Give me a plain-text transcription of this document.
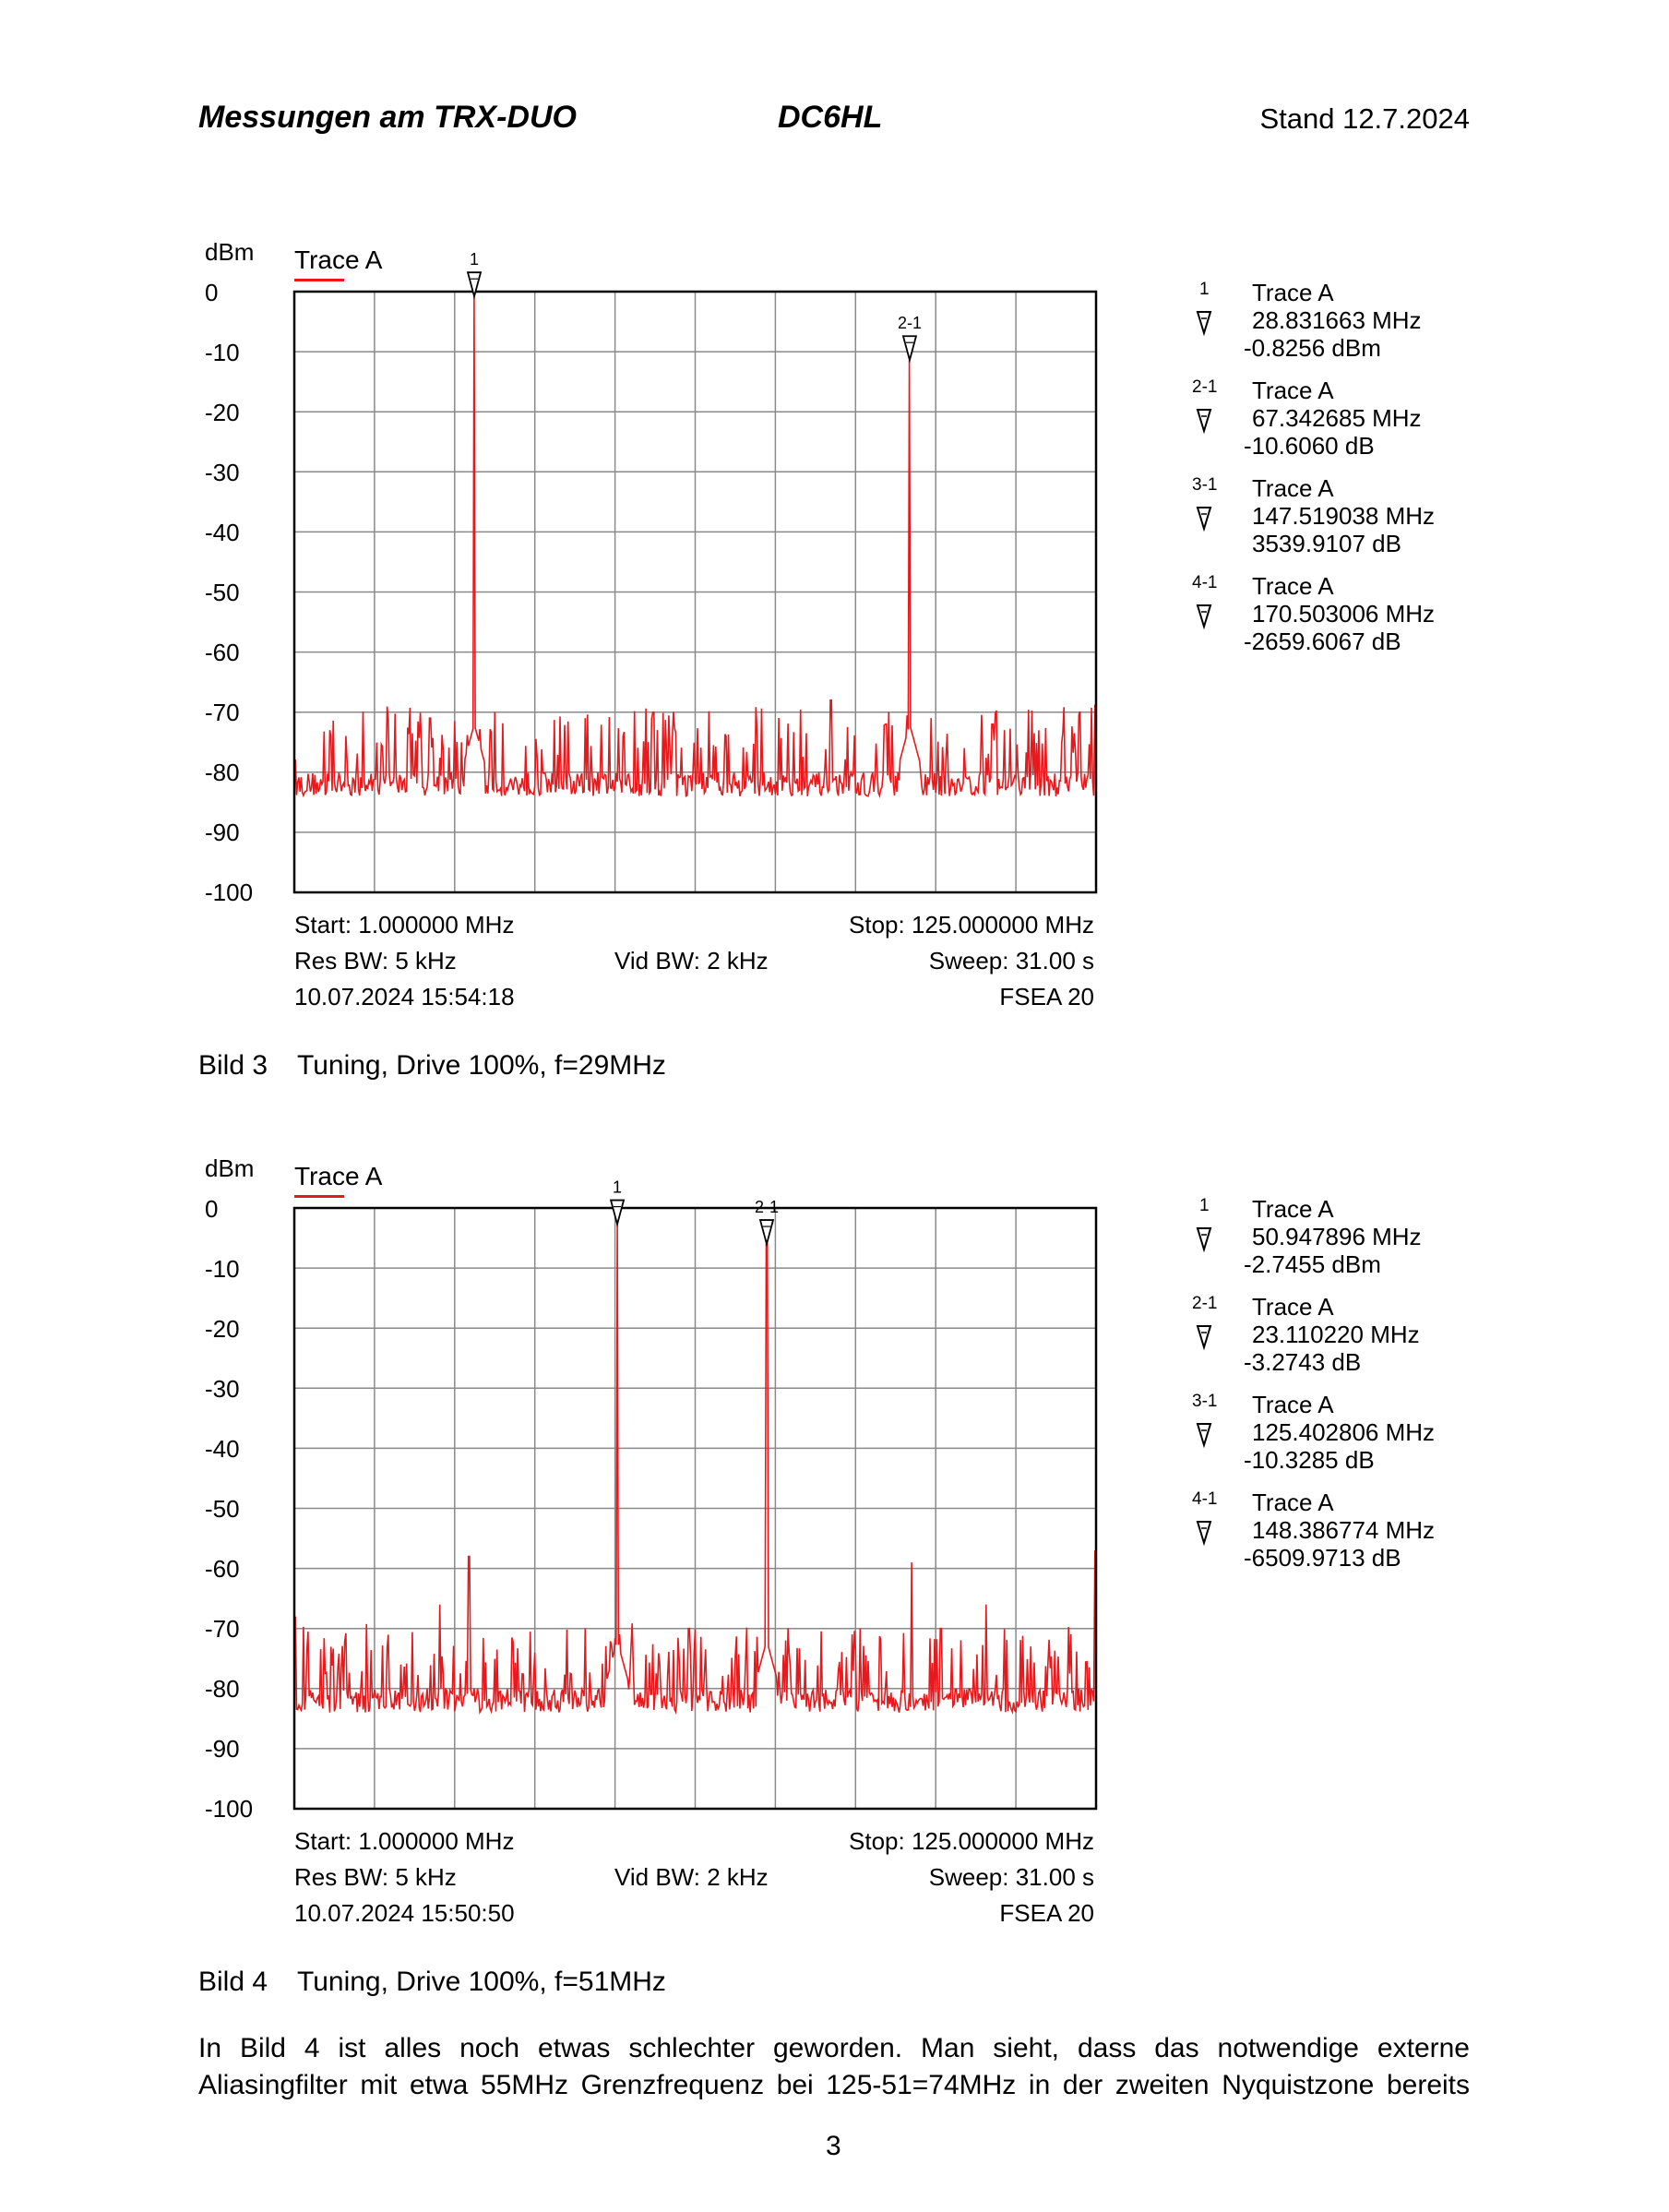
Messungen am TRX-DUO	DC6HL	Stand 12.7.2024
dBm Trace A
0
-10
-20
-30
-40
-50
-60
-70
-80
-90
-100
1
2-1
Start: 1.000000 MHz	Stop: 125.000000 MHz
Res BW: 5 kHz	Vid BW: 2 kHz	Sweep: 31.00 s
10.07.2024 15:54:18	FSEA 20
1 Trace A
28.831663 MHz
-0.8256 dBm
2-1 Trace A
67.342685 MHz
-10.6060 dB
3-1 Trace A
147.519038 MHz
3539.9107 dB
4-1 Trace A
170.503006 MHz
-2659.6067 dB
Bild 3 Tuning, Drive 100%, f=29MHz
dBm Trace A
0
-10
-20
-30
-40
-50
-60
-70
-80
-90
-100
1
2-1
Start: 1.000000 MHz	Stop: 125.000000 MHz
Res BW: 5 kHz	Vid BW: 2 kHz	Sweep: 31.00 s
10.07.2024 15:50:50	FSEA 20
1 Trace A
50.947896 MHz
-2.7455 dBm
2-1 Trace A
23.110220 MHz
-3.2743 dB
3-1 Trace A
125.402806 MHz
-10.3285 dB
4-1 Trace A
148.386774 MHz
-6509.9713 dB
Bild 4 Tuning, Drive 100%, f=51MHz
In Bild 4 ist alles noch etwas schlechter geworden. Man sieht, dass das notwendige externe
Aliasingfilter mit etwa 55MHz Grenzfrequenz bei 125-51=74MHz in der zweiten Nyquistzone bereits
3
